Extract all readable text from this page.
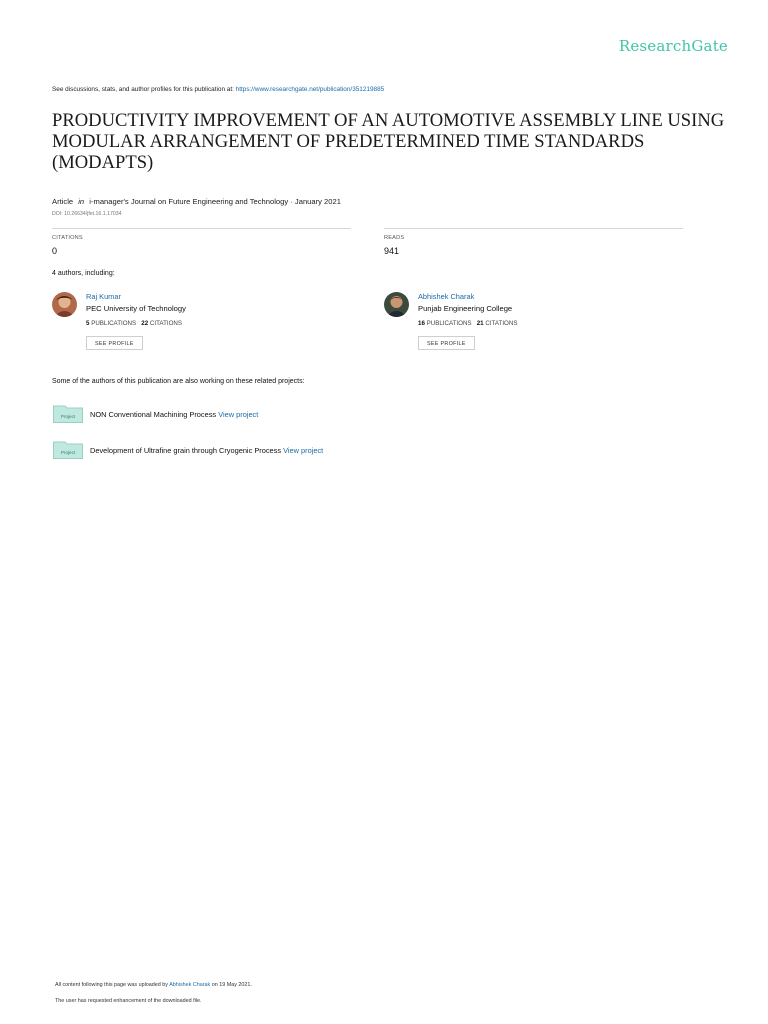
ResearchGate
See discussions, stats, and author profiles for this publication at: https://www.researchgate.net/publication/351219885
PRODUCTIVITY IMPROVEMENT OF AN AUTOMOTIVE ASSEMBLY LINE USING MODULAR ARRANGEMENT OF PREDETERMINED TIME STANDARDS (MODAPTS)
Article in i-manager's Journal on Future Engineering and Technology · January 2021
DOI: 10.26634/jfet.16.1.17034
CITATIONS
0
READS
941
4 authors, including:
Raj Kumar
PEC University of Technology
5 PUBLICATIONS 22 CITATIONS
SEE PROFILE
Abhishek Charak
Punjab Engineering College
16 PUBLICATIONS 21 CITATIONS
SEE PROFILE
Some of the authors of this publication are also working on these related projects:
Project NON Conventional Machining Process View project
Project Development of Ultrafine grain through Cryogenic Process View project
All content following this page was uploaded by Abhishek Charak on 19 May 2021.
The user has requested enhancement of the downloaded file.
